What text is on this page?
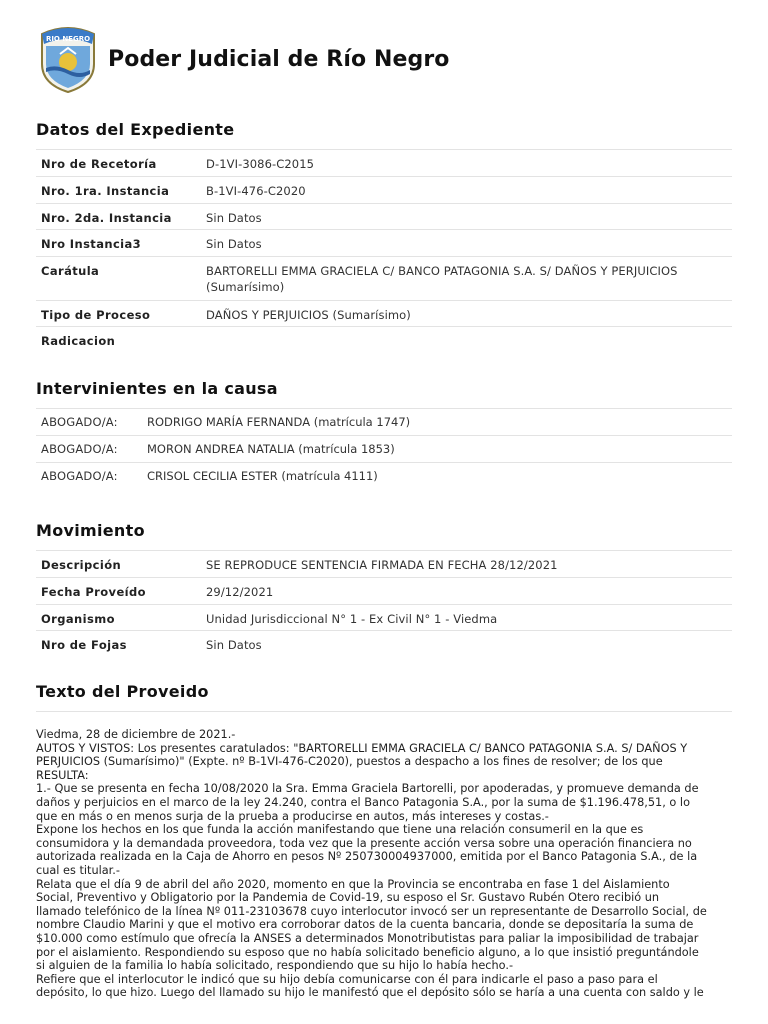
RIO NEGRO
Poder Judicial de Río Negro
Datos del Expediente
Nro de Recetoría	D-1VI-3086-C2015
Nro. 1ra. Instancia	B-1VI-476-C2020
Nro. 2da. Instancia	Sin Datos
Nro Instancia3	Sin Datos
Carátula	BARTORELLI EMMA GRACIELA C/ BANCO PATAGONIA S.A. S/ DAÑOS Y PERJUICIOS (Sumarísimo)
Tipo de Proceso	DAÑOS Y PERJUICIOS (Sumarísimo)
Radicacion	
Intervinientes en la causa
ABOGADO/A:	RODRIGO MARÍA FERNANDA (matrícula 1747)
ABOGADO/A:	MORON ANDREA NATALIA (matrícula 1853)
ABOGADO/A:	CRISOL CECILIA ESTER (matrícula 4111)
Movimiento
Descripción	SE REPRODUCE SENTENCIA FIRMADA EN FECHA 28/12/2021
Fecha Proveído	29/12/2021
Organismo	Unidad Jurisdiccional N° 1 - Ex Civil N° 1 - Viedma
Nro de Fojas	Sin Datos
Texto del Proveido
Viedma, 28 de diciembre de 2021.-
AUTOS Y VISTOS: Los presentes caratulados: "BARTORELLI EMMA GRACIELA C/ BANCO PATAGONIA S.A. S/ DAÑOS Y
PERJUICIOS (Sumarísimo)" (Expte. nº B-1VI-476-C2020), puestos a despacho a los fines de resolver; de los que
RESULTA:
1.- Que se presenta en fecha 10/08/2020 la Sra. Emma Graciela Bartorelli, por apoderadas, y promueve demanda de
daños y perjuicios en el marco de la ley 24.240, contra el Banco Patagonia S.A., por la suma de $1.196.478,51, o lo
que en más o en menos surja de la prueba a producirse en autos, más intereses y costas.-
Expone los hechos en los que funda la acción manifestando que tiene una relación consumeril en la que es
consumidora y la demandada proveedora, toda vez que la presente acción versa sobre una operación financiera no
autorizada realizada en la Caja de Ahorro en pesos Nº 250730004937000, emitida por el Banco Patagonia S.A., de la
cual es titular.-
Relata que el día 9 de abril del año 2020, momento en que la Provincia se encontraba en fase 1 del Aislamiento
Social, Preventivo y Obligatorio por la Pandemia de Covid-19, su esposo el Sr. Gustavo Rubén Otero recibió un
llamado telefónico de la línea Nº 011-23103678 cuyo interlocutor invocó ser un representante de Desarrollo Social, de
nombre Claudio Marini y que el motivo era corroborar datos de la cuenta bancaria, donde se depositaría la suma de
$10.000 como estímulo que ofrecía la ANSES a determinados Monotributistas para paliar la imposibilidad de trabajar
por el aislamiento. Respondiendo su esposo que no había solicitado beneficio alguno, a lo que insistió preguntándole
si alguien de la familia lo había solicitado, respondiendo que su hijo lo había hecho.-
Refiere que el interlocutor le indicó que su hijo debía comunicarse con él para indicarle el paso a paso para el
depósito, lo que hizo. Luego del llamado su hijo le manifestó que el depósito sólo se haría a una cuenta con saldo y le
